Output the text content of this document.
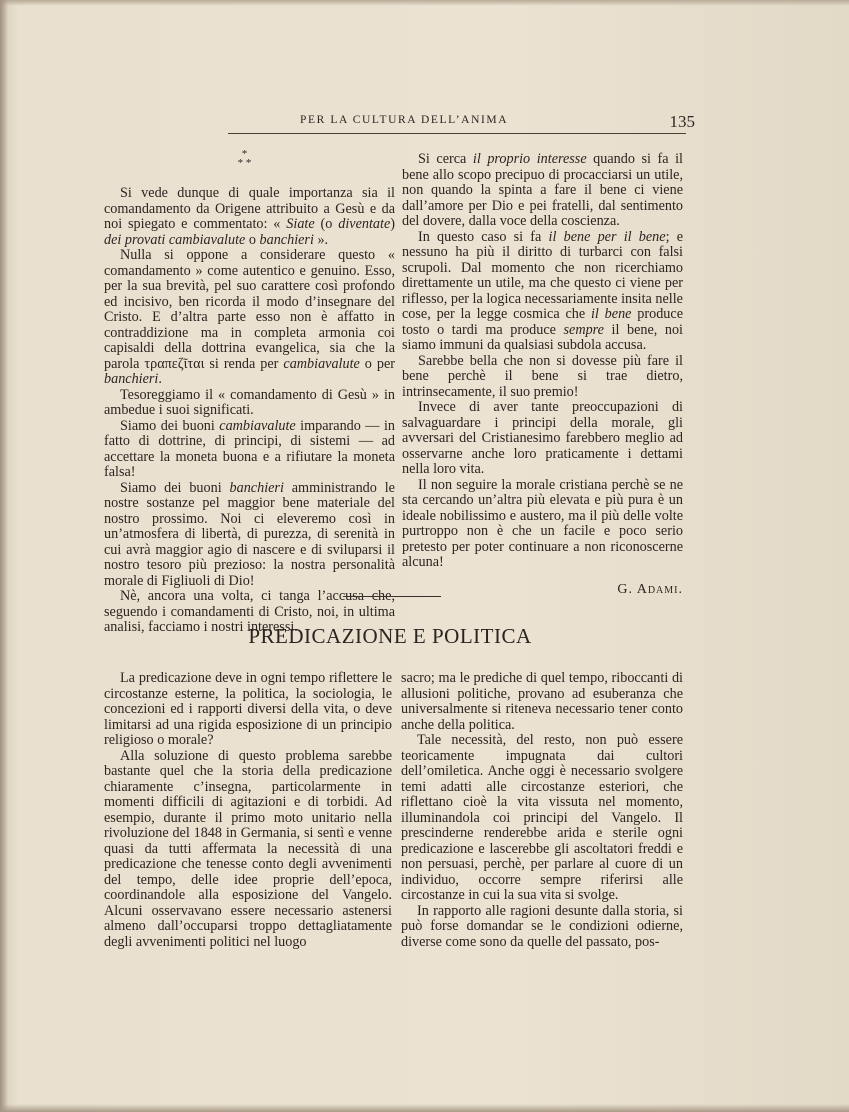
PER LA CULTURA DELL’ANIMA	135
*
* *

Si vede dunque di quale importanza sia il comandamento da Origene attribuito a Gesù e da noi spiegato e commentato: « Siate (o diventate) dei provati cambiavalute o banchieri ».

Nulla si oppone a considerare questo « comandamento » come autentico e genuino. Esso, per la sua brevità, pel suo carattere così profondo ed incisivo, ben ricorda il modo d’insegnare del Cristo. E d’altra parte esso non è affatto in contraddizione ma in completa armonia coi capisaldi della dottrina evangelica, sia che la parola τραπεζῖται si renda per cambiavalute o per banchieri.

Tesoreggiamo il « comandamento di Gesù » in ambedue i suoi significati.

Siamo dei buoni cambiavalute imparando — in fatto di dottrine, di principi, di sistemi — ad accettare la moneta buona e a rifiutare la moneta falsa!

Siamo dei buoni banchieri amministrando le nostre sostanze pel maggior bene materiale del nostro prossimo. Noi ci eleveremo così in un’atmosfera di libertà, di purezza, di serenità in cui avrà maggior agio di nascere e di sviluparsi il nostro tesoro più prezioso: la nostra personalità morale di Figliuoli di Dio!

Nè, ancora una volta, ci tanga l’accusa che, seguendo i comandamenti di Cristo, noi, in ultima analisi, facciamo i nostri interessi.

Si cerca il proprio interesse quando si fa il bene allo scopo precipuo di procacciarsi un utile, non quando la spinta a fare il bene ci viene dall’amore per Dio e pei fratelli, dal sentimento del dovere, dalla voce della coscienza.

In questo caso si fa il bene per il bene; e nessuno ha più il diritto di turbarci con falsi scrupoli. Dal momento che non ricerchiamo direttamente un utile, ma che questo ci viene per riflesso, per la logica necessariamente insita nelle cose, per la legge cosmica che il bene produce tosto o tardi ma produce sempre il bene, noi siamo immuni da qualsiasi subdola accusa.

Sarebbe bella che non si dovesse più fare il bene perchè il bene si trae dietro, intrinsecamente, il suo premio!

Invece di aver tante preoccupazioni di salvaguardare i principi della morale, gli avversari del Cristianesimo farebbero meglio ad osservarne anche loro praticamente i dettami nella loro vita.

Il non seguire la morale cristiana perchè se ne sta cercando un’altra più elevata e più pura è un ideale nobilissimo e austero, ma il più delle volte purtroppo non è che un facile e poco serio pretesto per poter continuare a non riconoscerne alcuna!

G. Adami.
PREDICAZIONE E POLITICA

La predicazione deve in ogni tempo riflettere le circostanze esterne, la politica, la sociologia, le concezioni ed i rapporti diversi della vita, o deve limitarsi ad una rigida esposizione di un principio religioso o morale?

Alla soluzione di questo problema sarebbe bastante quel che la storia della predicazione chiaramente c’insegna, particolarmente in momenti difficili di agitazioni e di torbidi. Ad esempio, durante il primo moto unitario nella rivoluzione del 1848 in Germania, si sentì e venne quasi da tutti affermata la necessità di una predicazione che tenesse conto degli avvenimenti del tempo, delle idee proprie dell’epoca, coordinandole alla esposizione del Vangelo. Alcuni osservavano essere necessario astenersi almeno dall’occuparsi troppo dettagliatamente degli avvenimenti politici nel luogo

sacro; ma le prediche di quel tempo, riboccanti di allusioni politiche, provano ad esuberanza che universalmente si riteneva necessario tener conto anche della politica.

Tale necessità, del resto, non può essere teoricamente impugnata dai cultori dell’omiletica. Anche oggi è necessario svolgere temi adatti alle circostanze esteriori, che riflettano cioè la vita vissuta nel momento, illuminandola coi principi del Vangelo. Il prescinderne renderebbe arida e sterile ogni predicazione e lascerebbe gli ascoltatori freddi e non persuasi, perchè, per parlare al cuore di un individuo, occorre sempre riferirsi alle circostanze in cui la sua vita si svolge.

In rapporto alle ragioni desunte dalla storia, si può forse domandar se le condizioni odierne, diverse come sono da quelle del passato, pos-
